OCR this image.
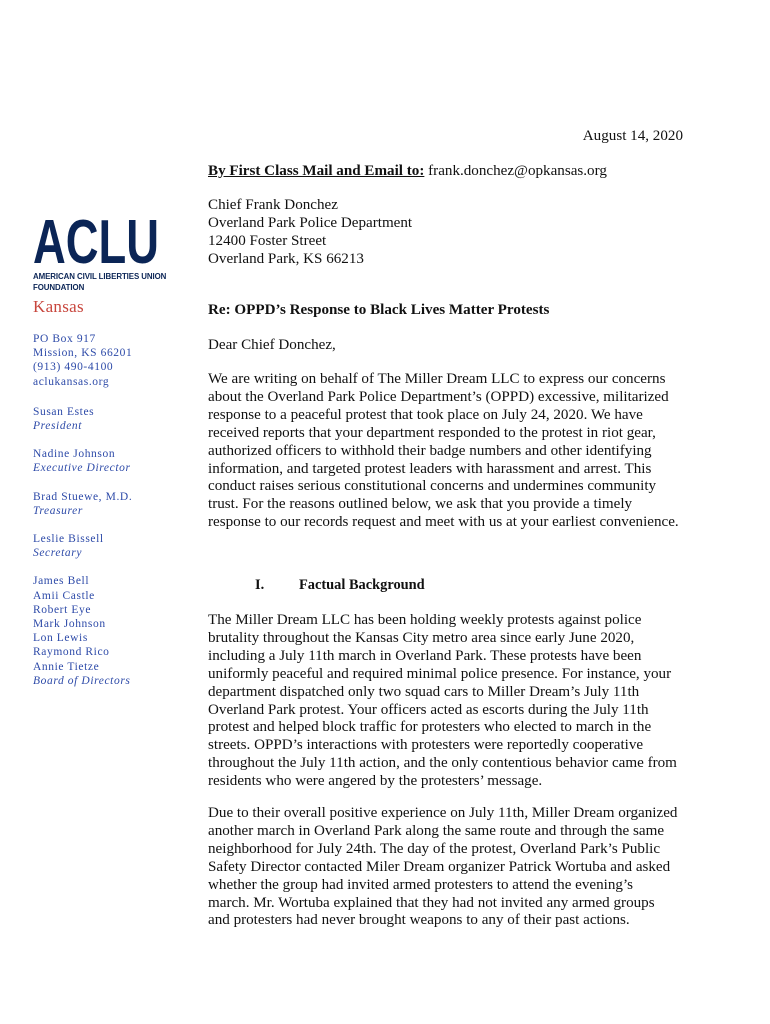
ACLU
AMERICAN CIVIL LIBERTIES UNION
FOUNDATION
Kansas
PO Box 917
Mission, KS 66201
(913) 490-4100
aclukansas.org
Susan Estes
President
Nadine Johnson
Executive Director
Brad Stuewe, M.D.
Treasurer
Leslie Bissell
Secretary
James Bell
Amii Castle
Robert Eye
Mark Johnson
Lon Lewis
Raymond Rico
Annie Tietze
Board of Directors
August 14, 2020
By First Class Mail and Email to: frank.donchez@opkansas.org
Chief Frank Donchez
Overland Park Police Department
12400 Foster Street
Overland Park, KS 66213
Re: OPPD’s Response to Black Lives Matter Protests
Dear Chief Donchez,
We are writing on behalf of The Miller Dream LLC to express our concerns
about the Overland Park Police Department’s (OPPD) excessive, militarized
response to a peaceful protest that took place on July 24, 2020. We have
received reports that your department responded to the protest in riot gear,
authorized officers to withhold their badge numbers and other identifying
information, and targeted protest leaders with harassment and arrest. This
conduct raises serious constitutional concerns and undermines community
trust. For the reasons outlined below, we ask that you provide a timely
response to our records request and meet with us at your earliest convenience.
I. Factual Background
The Miller Dream LLC has been holding weekly protests against police
brutality throughout the Kansas City metro area since early June 2020,
including a July 11th march in Overland Park. These protests have been
uniformly peaceful and required minimal police presence. For instance, your
department dispatched only two squad cars to Miller Dream’s July 11th
Overland Park protest. Your officers acted as escorts during the July 11th
protest and helped block traffic for protesters who elected to march in the
streets. OPPD’s interactions with protesters were reportedly cooperative
throughout the July 11th action, and the only contentious behavior came from
residents who were angered by the protesters’ message.
Due to their overall positive experience on July 11th, Miller Dream organized
another march in Overland Park along the same route and through the same
neighborhood for July 24th. The day of the protest, Overland Park’s Public
Safety Director contacted Miler Dream organizer Patrick Wortuba and asked
whether the group had invited armed protesters to attend the evening’s
march. Mr. Wortuba explained that they had not invited any armed groups
and protesters had never brought weapons to any of their past actions.
